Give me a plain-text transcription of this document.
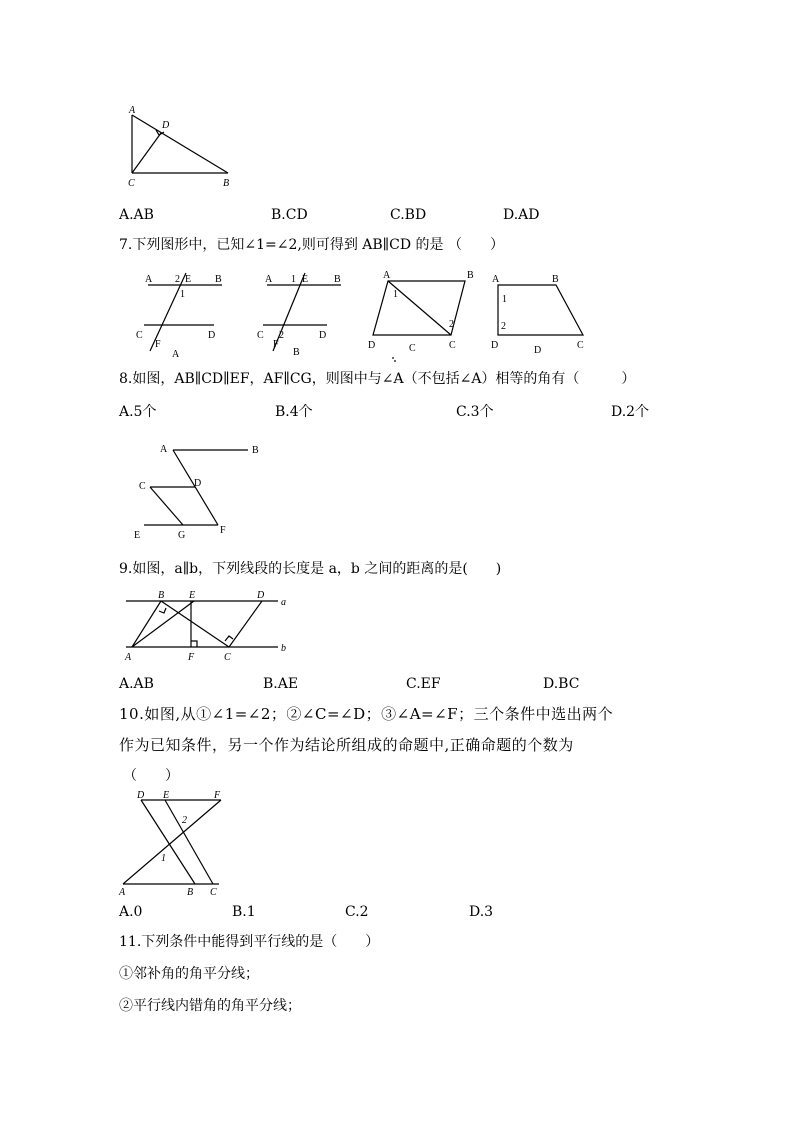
A
D
C	B
A.AB	B.CD	C.BD	D.AD
7.下列图形中，已知∠1=∠2,则可得到 AB∥CD 的是 （　　）
A 2 E B
1
C
F
D
A
A 1 E	B
C 2
F
D
B
A	B
1
2
D	C	C
A	B
1
2
D	D	C
8.如图，AB∥CD∥EF，AF∥CG，则图中与∠A（不包括∠A）相等的角有（　　　）
A.5个	B.4个	C.3个	D.2个
A	B
C	D
E	G	F
9.如图，a∥b，下列线段的长度是 a，b 之间的距离的是(　　)
B E	D
a
A	F	C
b
A.AB	B.AE	C.EF	D.BC
10.如图,从①∠1=∠2；②∠C=∠D；③∠A=∠F；三个条件中选出两个
作为已知条件，另一个作为结论所组成的命题中,正确命题的个数为
（　　）
D E	F
2
1
A	B C
A.0	B.1	C.2	D.3
11.下列条件中能得到平行线的是（　　）
①邻补角的角平分线；
②平行线内错角的角平分线；
